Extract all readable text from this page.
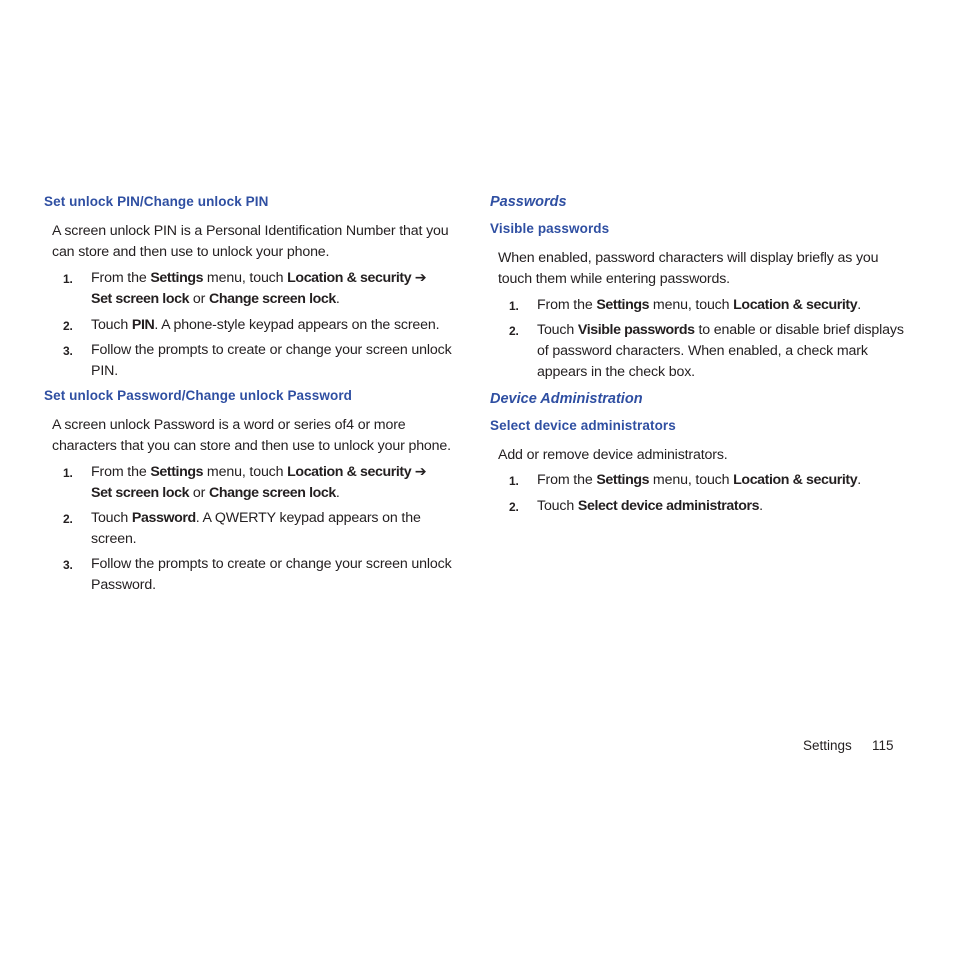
Set unlock PIN/Change unlock PIN
A screen unlock PIN is a Personal Identification Number that you
can store and then use to unlock your phone.
1. From the Settings menu, touch Location & security ➔
Set screen lock or Change screen lock.
2. Touch PIN. A phone-style keypad appears on the screen.
3. Follow the prompts to create or change your screen unlock
PIN.
Set unlock Password/Change unlock Password
A screen unlock Password is a word or series of4 or more
characters that you can store and then use to unlock your phone.
1. From the Settings menu, touch Location & security ➔
Set screen lock or Change screen lock.
2. Touch Password. A QWERTY keypad appears on the
screen.
3. Follow the prompts to create or change your screen unlock
Password.
Passwords
Visible passwords
When enabled, password characters will display briefly as you
touch them while entering passwords.
1. From the Settings menu, touch Location & security.
2. Touch Visible passwords to enable or disable brief displays
of password characters. When enabled, a check mark
appears in the check box.
Device Administration
Select device administrators
Add or remove device administrators.
1. From the Settings menu, touch Location & security.
2. Touch Select device administrators.
Settings 115
